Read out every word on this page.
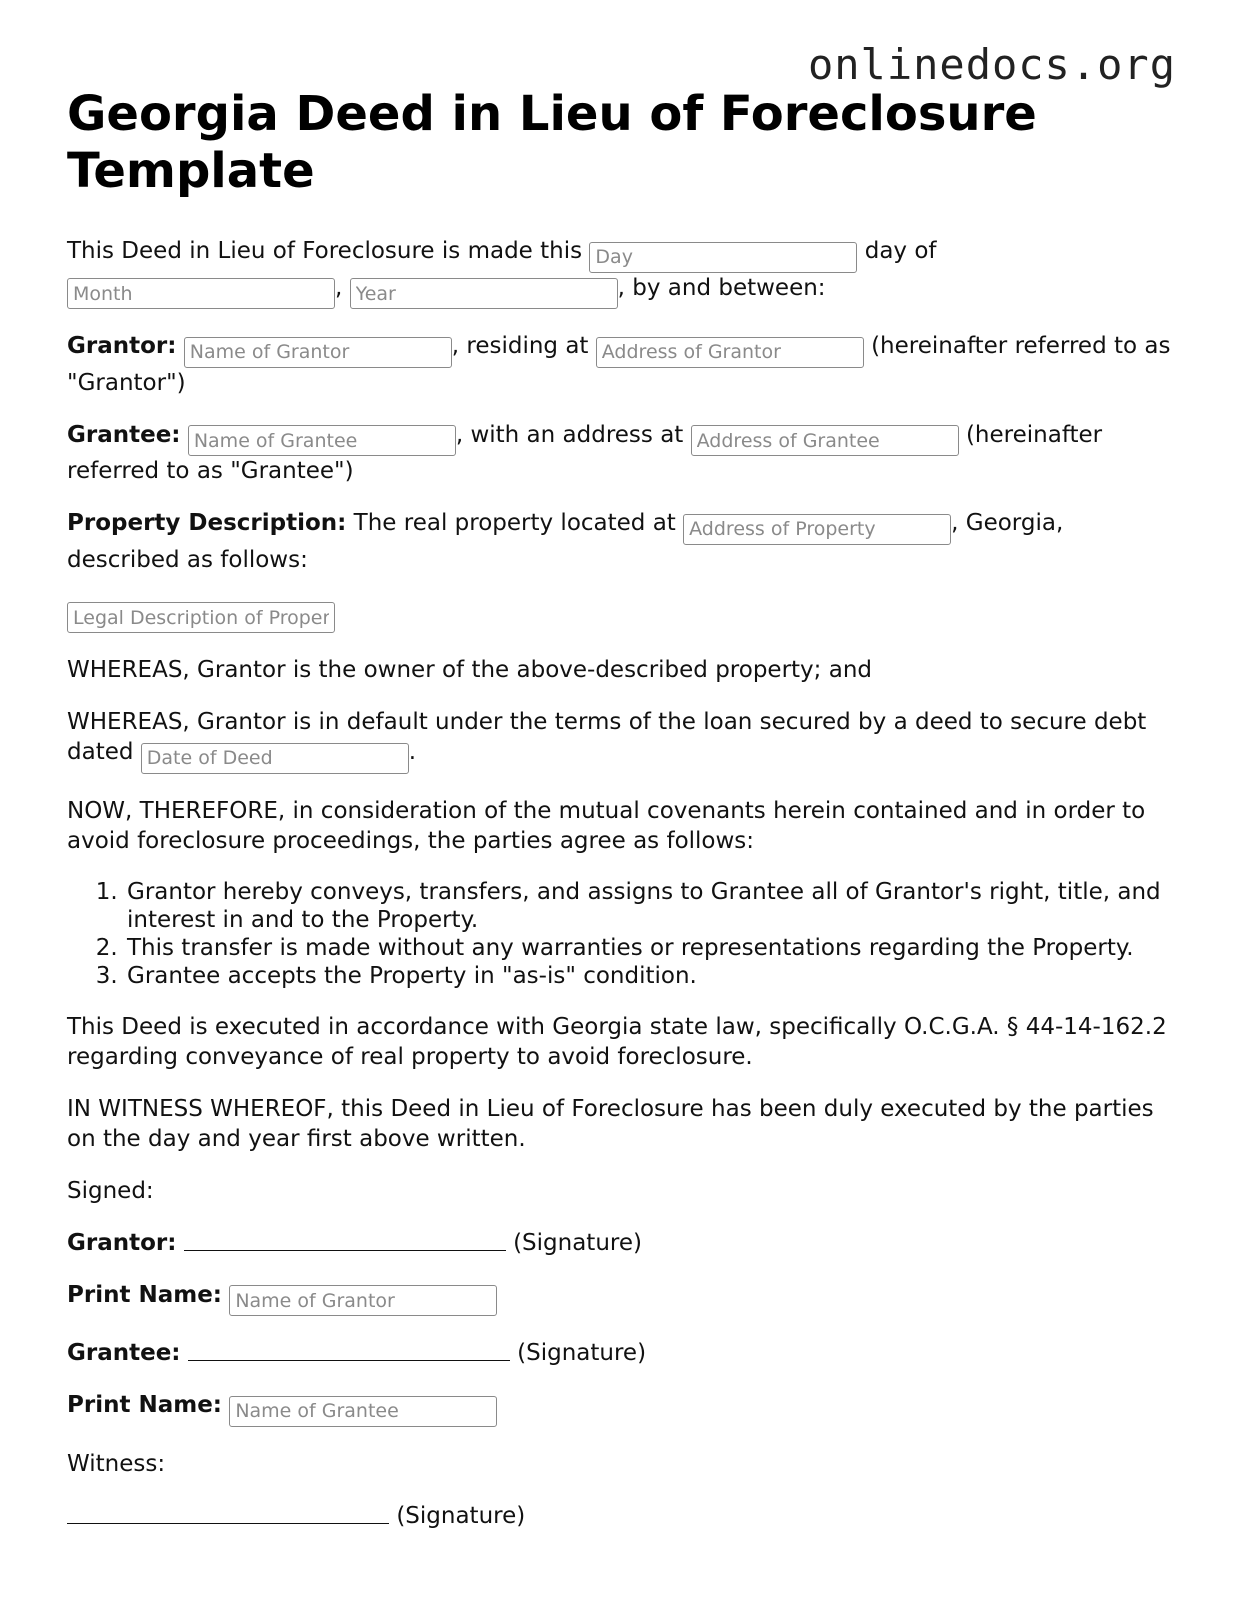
onlinedocs.org
Georgia Deed in Lieu of Foreclosure Template

This Deed in Lieu of Foreclosure is made this Day	day of
Month, Year	, by and between:

Grantor: Name of Grantor	, residing at Address of Grantor	(hereinafter referred to as "Grantor")

Grantee: Name of Grantee	, with an address at Address of Grantee	(hereinafter referred to as "Grantee")

Property Description: The real property located at Address of Property	, Georgia, described as follows:

Legal Description of Property

WHEREAS, Grantor is the owner of the above-described property; and

WHEREAS, Grantor is in default under the terms of the loan secured by a deed to secure debt dated Date of Deed	.

NOW, THEREFORE, in consideration of the mutual covenants herein contained and in order to avoid foreclosure proceedings, the parties agree as follows:

1. Grantor hereby conveys, transfers, and assigns to Grantee all of Grantor's right, title, and interest in and to the Property.
2. This transfer is made without any warranties or representations regarding the Property.
3. Grantee accepts the Property in "as-is" condition.

This Deed is executed in accordance with Georgia state law, specifically O.C.G.A. § 44-14-162.2 regarding conveyance of real property to avoid foreclosure.

IN WITNESS WHEREOF, this Deed in Lieu of Foreclosure has been duly executed by the parties on the day and year first above written.

Signed:

Grantor:	(Signature)

Print Name: Name of Grantor

Grantee:	(Signature)

Print Name: Name of Grantee

Witness:

(Signature)
